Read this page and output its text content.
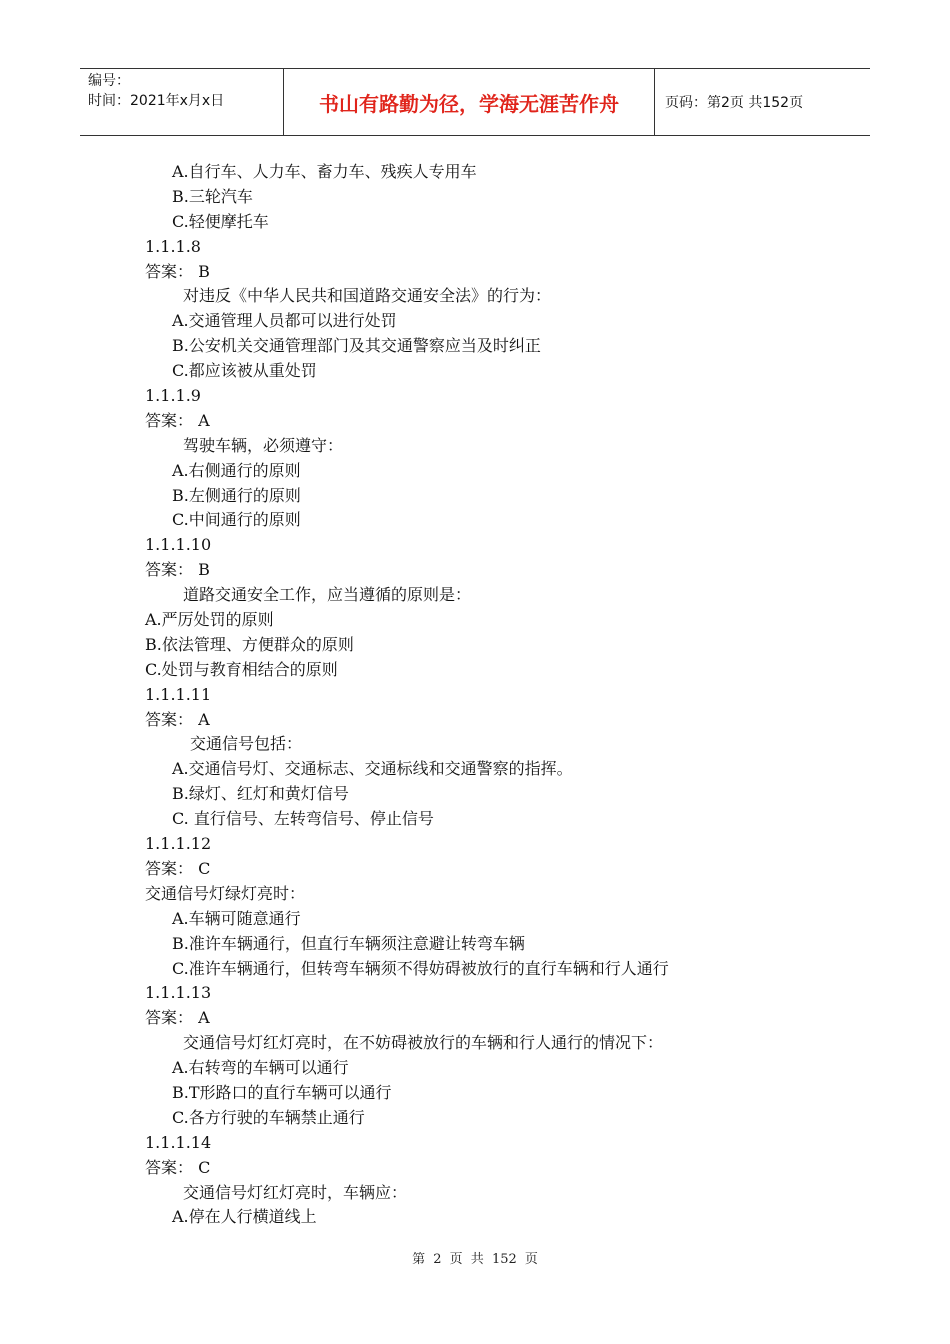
编号：
时间：2021年x月x日	书山有路勤为径，学海无涯苦作舟	页码：第2页 共152页
A.自行车、人力车、畜力车、残疾人专用车
B.三轮汽车
C.轻便摩托车
1.1.1.8
答案： B
对违反《中华人民共和国道路交通安全法》的行为：
A.交通管理人员都可以进行处罚
B.公安机关交通管理部门及其交通警察应当及时纠正
C.都应该被从重处罚
1.1.1.9
答案： A
驾驶车辆，必须遵守：
A.右侧通行的原则
B.左侧通行的原则
C.中间通行的原则
1.1.1.10
答案： B
道路交通安全工作，应当遵循的原则是：
A.严厉处罚的原则
B.依法管理、方便群众的原则
C.处罚与教育相结合的原则
1.1.1.11
答案： A
交通信号包括：
A.交通信号灯、交通标志、交通标线和交通警察的指挥。
B.绿灯、红灯和黄灯信号
C. 直行信号、左转弯信号、停止信号
1.1.1.12
答案： C
交通信号灯绿灯亮时：
A.车辆可随意通行
B.准许车辆通行，但直行车辆须注意避让转弯车辆
C.准许车辆通行，但转弯车辆须不得妨碍被放行的直行车辆和行人通行
1.1.1.13
答案： A
交通信号灯红灯亮时，在不妨碍被放行的车辆和行人通行的情况下：
A.右转弯的车辆可以通行
B.T形路口的直行车辆可以通行
C.各方行驶的车辆禁止通行
1.1.1.14
答案： C
交通信号灯红灯亮时，车辆应：
A.停在人行横道线上
第 2 页 共 152 页
